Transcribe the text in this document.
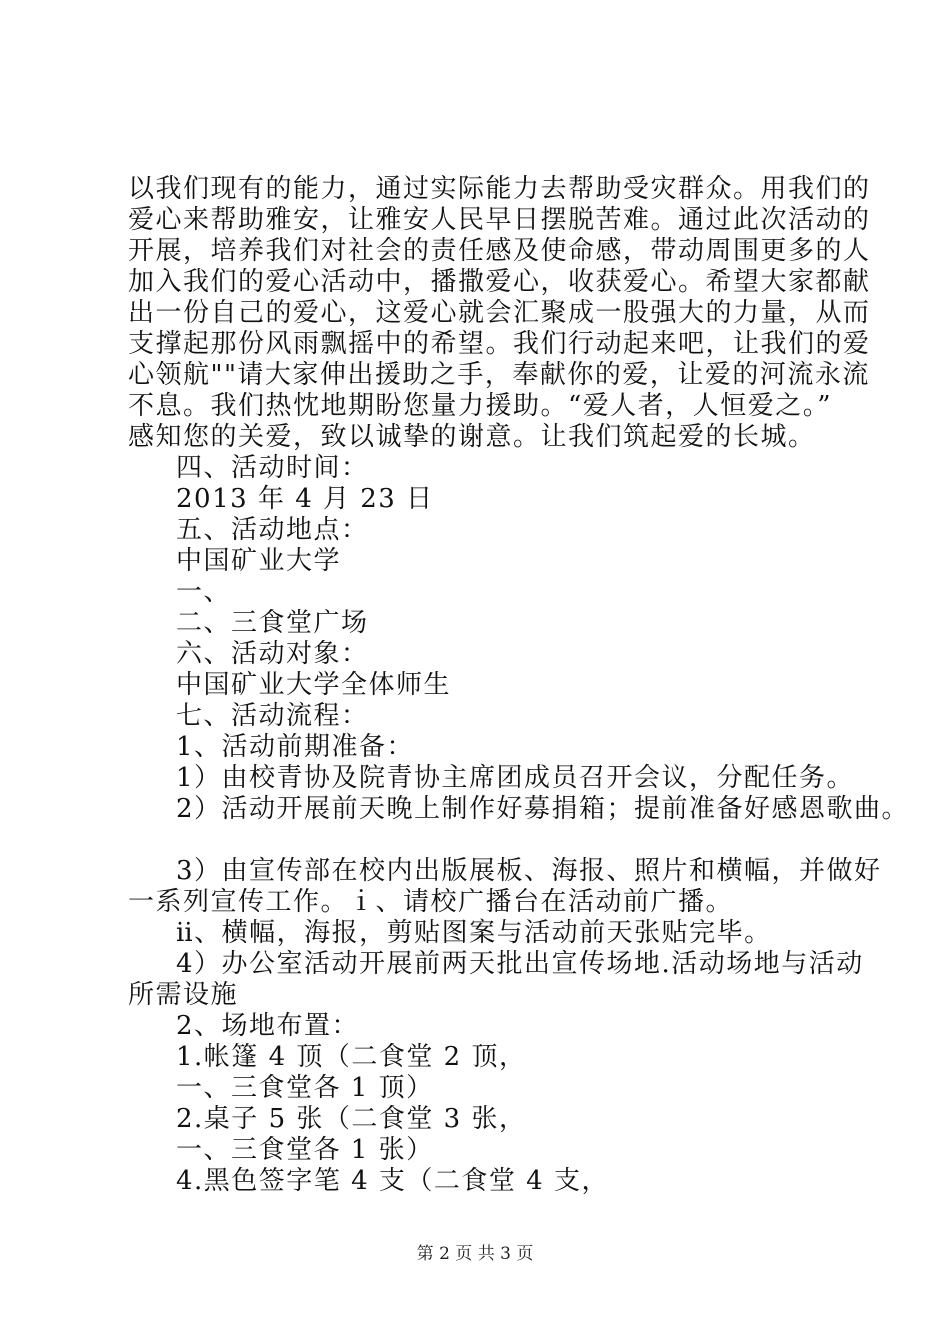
以我们现有的能力，通过实际能力去帮助受灾群众。用我们的
爱心来帮助雅安，让雅安人民早日摆脱苦难。通过此次活动的
开展，培养我们对社会的责任感及使命感，带动周围更多的人
加入我们的爱心活动中，播撒爱心，收获爱心。希望大家都献
出一份自己的爱心，这爱心就会汇聚成一股强大的力量，从而
支撑起那份风雨飘摇中的希望。我们行动起来吧，让我们的爱
心领航""请大家伸出援助之手，奉献你的爱，让爱的河流永流
不息。我们热忱地期盼您量力援助。“爱人者，人恒爱之。”
感知您的关爱，致以诚挚的谢意。让我们筑起爱的长城。
四、活动时间：
2013 年 4 月 23 日
五、活动地点：
中国矿业大学
一、
二、三食堂广场
六、活动对象：
中国矿业大学全体师生
七、活动流程：
1、活动前期准备：
1）由校青协及院青协主席团成员召开会议，分配任务。
2）活动开展前天晚上制作好募捐箱；提前准备好感恩歌曲。
3）由宣传部在校内出版展板、海报、照片和横幅，并做好
一系列宣传工作。ｉ、请校广播台在活动前广播。
ⅱ、横幅，海报，剪贴图案与活动前天张贴完毕。
4）办公室活动开展前两天批出宣传场地.活动场地与活动
所需设施
2、场地布置：
1.帐篷 4 顶（二食堂 2 顶，
一、三食堂各 1 顶）
2.桌子 5 张（二食堂 3 张，
一、三食堂各 1 张）
4.黑色签字笔 4 支（二食堂 4 支，
第 2 页 共 3 页
